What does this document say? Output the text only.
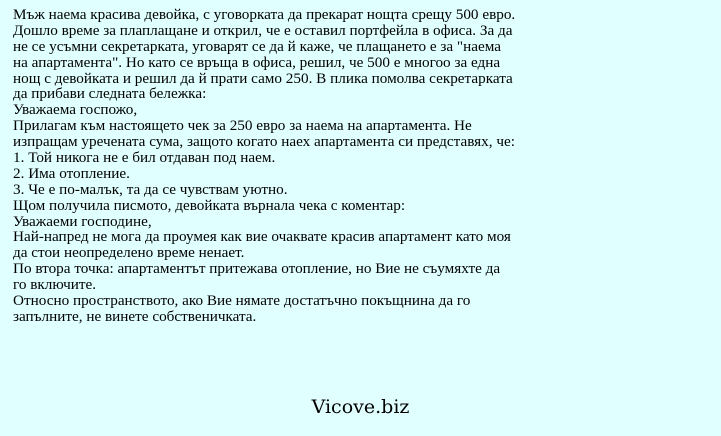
Мъж наема красива девойка, с уговорката да прекарат нощта срещу 500 евро.
Дошло време за плаплащане и открил, че е оставил портфейла в офиса. За да
не се усъмни секретарката, уговарят се да й каже, че плащането е за "наема
на апартамента". Но като се връща в офиса, решил, че 500 е многоо за една
нощ с девойката и решил да й прати само 250. В плика помолва секретарката
да прибави следната бележка:
Уважаема госпожо,
Прилагам към настоящето чек за 250 евро за наема на апартамента. Не
изпращам уречената сума, защото когато наех апартамента си представях, че:
1. Той никога не е бил отдаван под наем.
2. Има отопление.
3. Че е по-малък, та да се чувствам уютно.
Щом получила писмото, девойката върнала чека с коментар:
Уважаеми господине,
Най-напред не мога да проумея как вие очаквате красив апартамент като моя
да стои неопределено време ненает.
По втора точка: апартаментът притежава отопление, но Вие не съумяхте да
го включите.
Относно пространството, ако Вие нямате достатъчно покъщнина да го
запълните, не винете собственичката.
Vicove.biz
